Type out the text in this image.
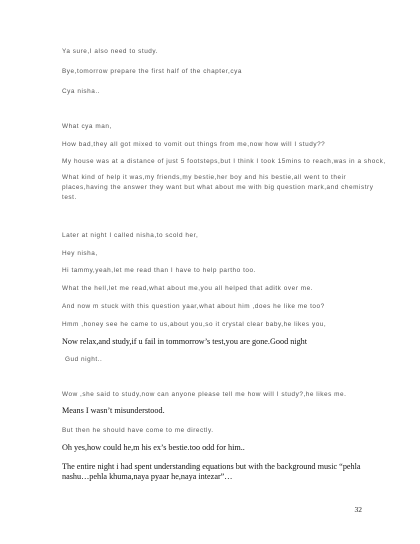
Ya sure,I also need to study.
Bye,tomorrow prepare the first half of the chapter,cya
Cya nisha..
What cya man,
How bad,they all got mixed to vomit out things from me,now how will I study??
My house was at a distance of just 5 footsteps,but I think I took 15mins to reach,was in a shock,
What kind of help it was,my friends,my bestie,her boy and his bestie,all went to their places,having the answer they want but what about me with big question mark,and chemistry test.
Later at night I called nisha,to scold her,
Hey nisha,
Hi tammy,yeah,let me read than I have to help partho too.
What the hell,let me read,what about me,you all helped that aditk over me.
And now m stuck with this question yaar,what about him ,does he like me too?
Hmm ,honey see he came to us,about you,so it crystal clear baby,he likes you,
Now relax,and study,if u fail in tommorrow’s test,you are gone.Good night
Gud night..
Wow ,she said to study,now can anyone please tell me how will I study?,he likes me.
Means I wasn’t misunderstood.
But then he should have come to me directly.
Oh yes,how could he,m his ex’s bestie.too odd for him..
The entire night i had spent understanding equations but with the background music “pehla nashu…pehla khuma,naya pyaar he,naya intezar”…
32
